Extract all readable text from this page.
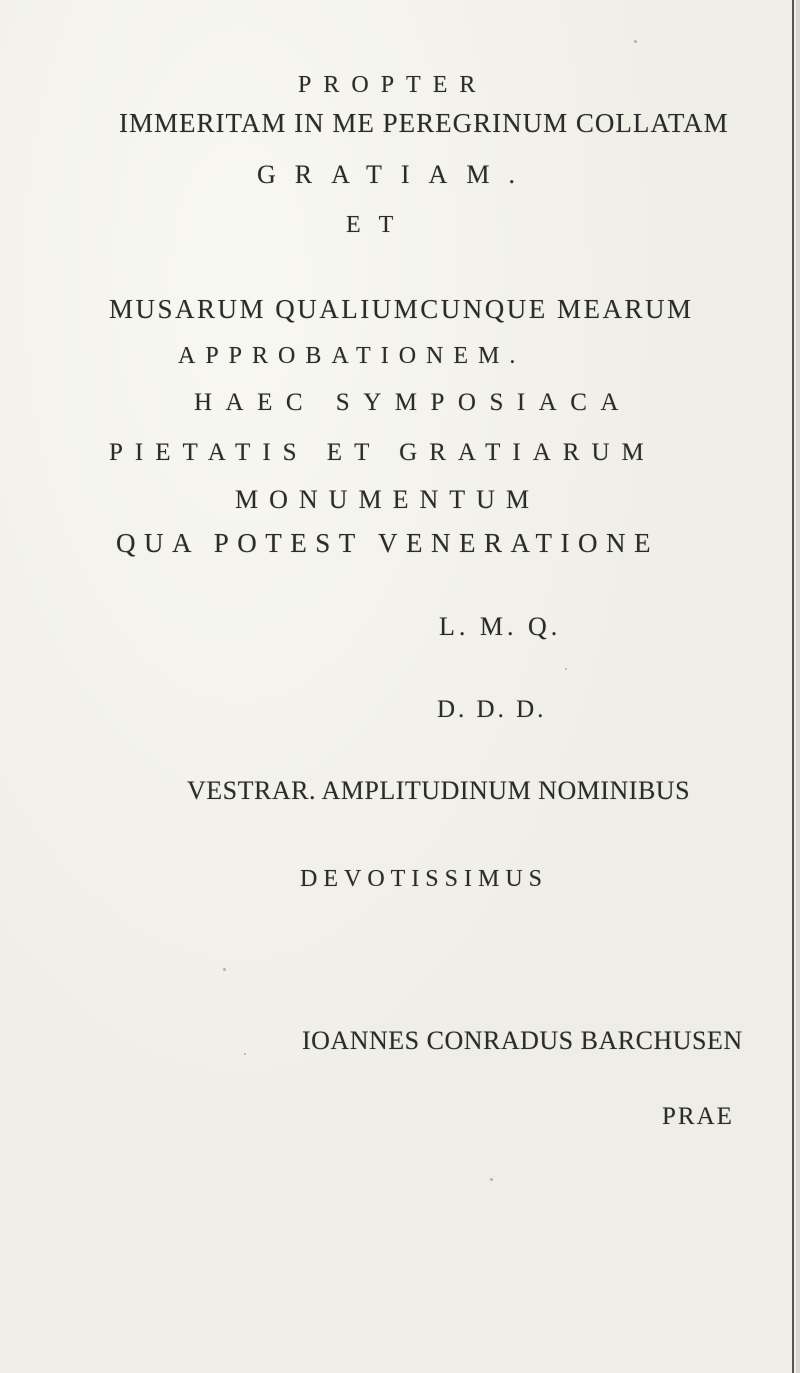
PROPTER
IMMERITAM IN ME PEREGRINUM COLLATAM
GRATIAM.
ET
MUSARUM QUALIUMCUNQUE MEARUM
APPROBATIONEM.
HAEC SYMPOSIACA
PIETATIS ET GRATIARUM
MONUMENTUM
QUA POTEST VENERATIONE
L. M. Q.
D. D. D.
VESTRAR. AMPLITUDINUM NOMINIBUS
DEVOTISSIMUS
IOANNES CONRADUS BARCHUSEN
PRAE
